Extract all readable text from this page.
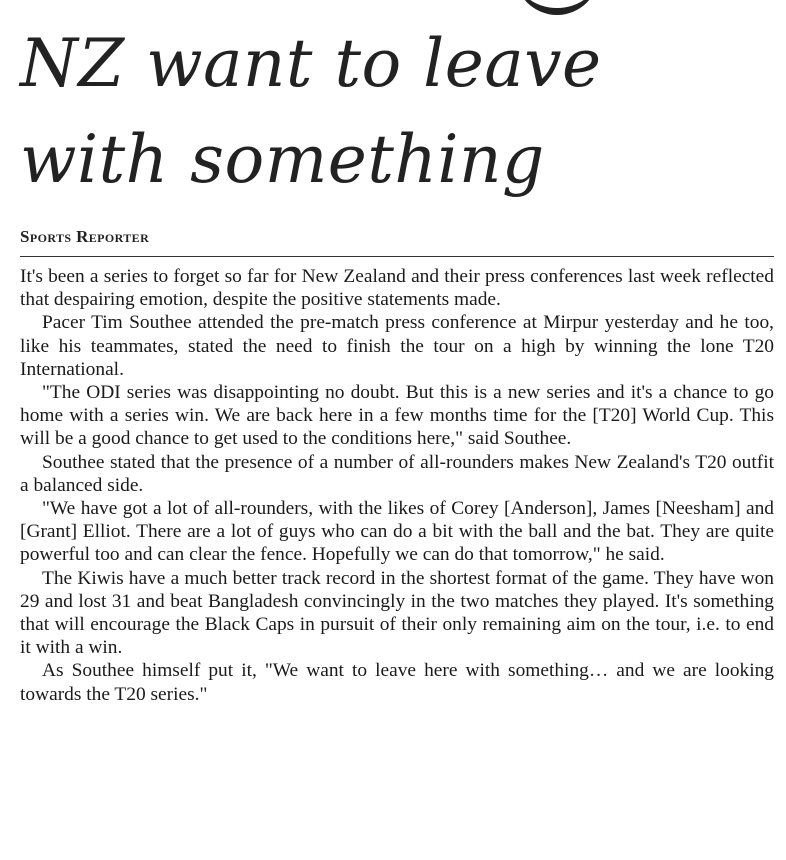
NZ want to leave
with something
Sports Reporter

It's been a series to forget so far for New Zealand and their press conferences last week reflected that despairing emotion, despite the positive statements made.

Pacer Tim Southee attended the pre-match press conference at Mirpur yesterday and he too, like his teammates, stated the need to finish the tour on a high by winning the lone T20 International.

"The ODI series was disappointing no doubt. But this is a new series and it's a chance to go home with a series win. We are back here in a few months time for the [T20] World Cup. This will be a good chance to get used to the conditions here," said Southee.

Southee stated that the presence of a number of all-rounders makes New Zealand's T20 outfit a balanced side.

"We have got a lot of all-rounders, with the likes of Corey [Anderson], James [Neesham] and [Grant] Elliot. There are a lot of guys who can do a bit with the ball and the bat. They are quite powerful too and can clear the fence. Hopefully we can do that tomorrow," he said.

The Kiwis have a much better track record in the shortest format of the game. They have won 29 and lost 31 and beat Bangladesh convincingly in the two matches they played. It's something that will encourage the Black Caps in pursuit of their only remaining aim on the tour, i.e. to end it with a win.

As Southee himself put it, "We want to leave here with something… and we are looking towards the T20 series."
